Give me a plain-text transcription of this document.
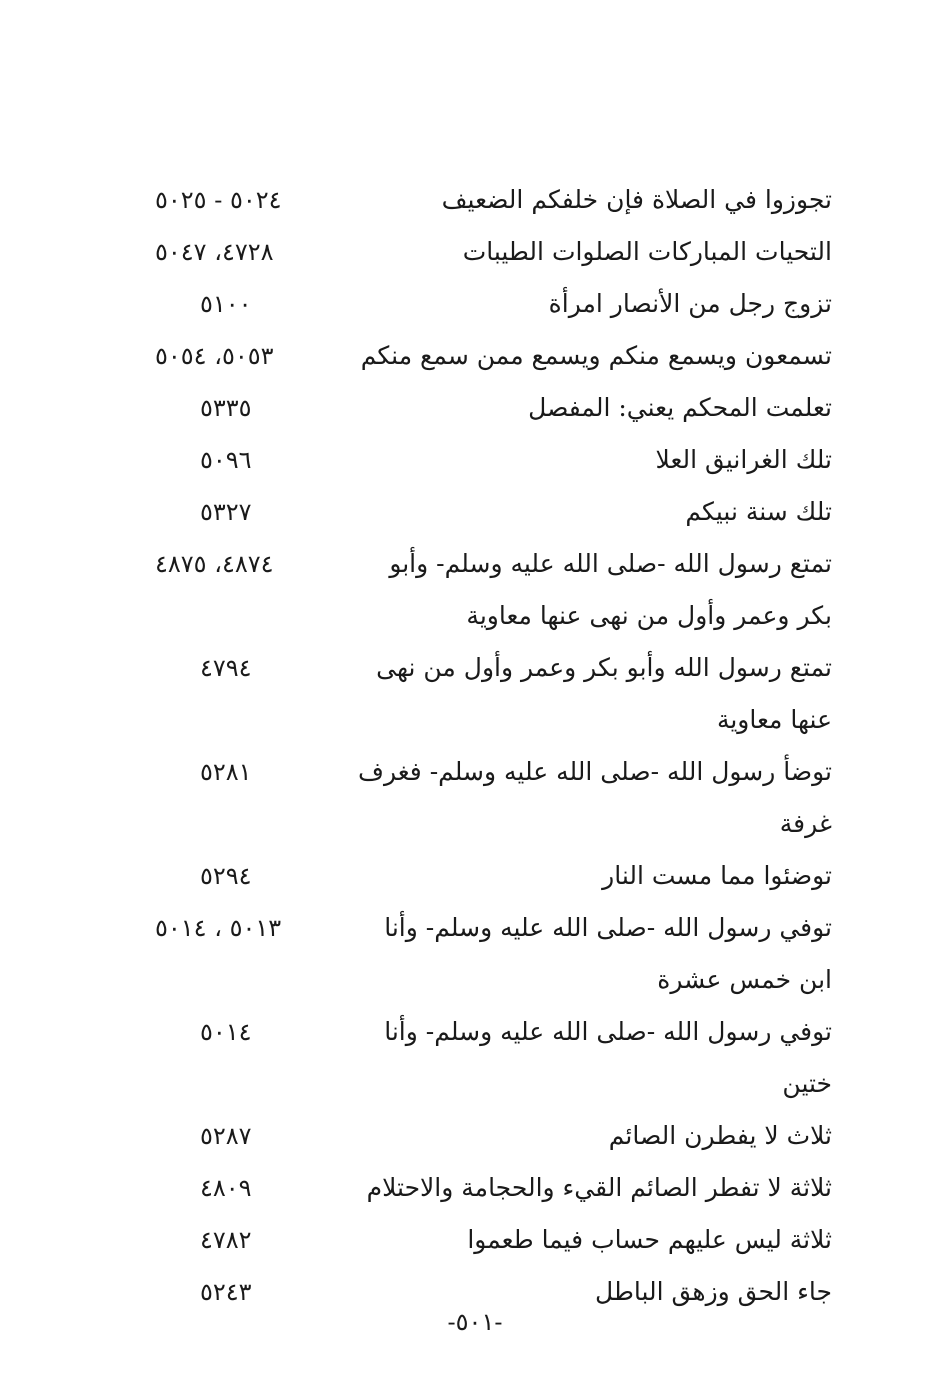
تجوزوا في الصلاة فإن خلفكم الضعيف
٥٠٢٤ - ٥٠٢٥
التحيات المباركات الصلوات الطيبات
٤٧٢٨، ٥٠٤٧
تزوج رجل من الأنصار امرأة
٥١٠٠
تسمعون ويسمع منكم ويسمع ممن سمع منكم
٥٠٥٣، ٥٠٥٤
تعلمت المحكم يعني: المفصل
٥٣٣٥
تلك الغرانيق العلا
٥٠٩٦
تلك سنة نبيكم
٥٣٢٧
تمتع رسول الله -صلى الله عليه وسلم- وأبو بكر وعمر وأول من نهى عنها معاوية
٤٨٧٤، ٤٨٧٥
تمتع رسول الله وأبو بكر وعمر وأول من نهى عنها معاوية
٤٧٩٤
توضأ رسول الله -صلى الله عليه وسلم- فغرف غرفة
٥٢٨١
توضئوا مما مست النار
٥٢٩٤
توفي رسول الله -صلى الله عليه وسلم- وأنا ابن خمس عشرة
٥٠١٣ ، ٥٠١٤
توفي رسول الله -صلى الله عليه وسلم- وأنا ختين
٥٠١٤
ثلاث لا يفطرن الصائم
٥٢٨٧
ثلاثة لا تفطر الصائم القيء والحجامة والاحتلام
٤٨٠٩
ثلاثة ليس عليهم حساب فيما طعموا
٤٧٨٢
جاء الحق وزهق الباطل
٥٢٤٣
-٥٠١-
